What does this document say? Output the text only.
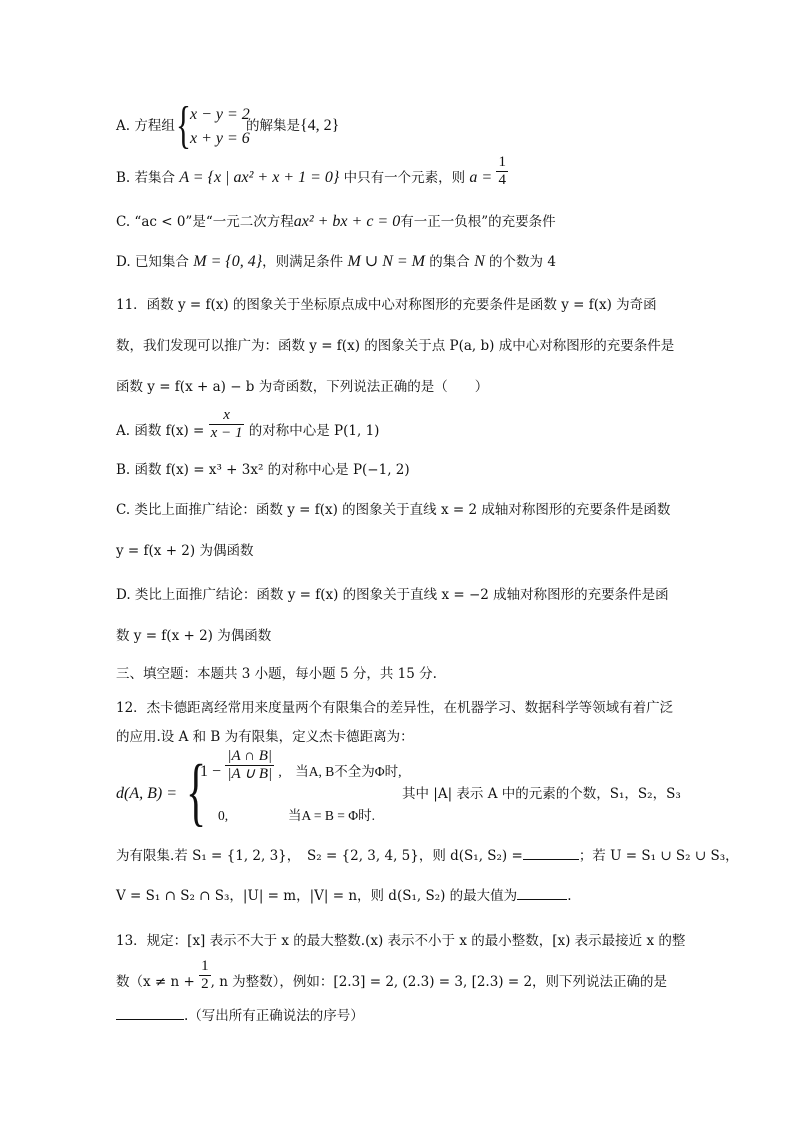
A. 方程组 { x − y = 2
x + y = 6
的解集是{4, 2}
B. 若集合 A = {x | ax² + x + 1 = 0} 中只有一个元素，则 $a = \frac{1}{4}$
C. “ac < 0”是“一元二次方程ax² + bx + c = 0有一正一负根”的充要条件
D. 已知集合 M = {0, 4}，则满足条件 M ∪ N = M 的集合 N 的个数为 4
11．函数 y = f(x) 的图象关于坐标原点成中心对称图形的充要条件是函数 y = f(x) 为奇函
数，我们发现可以推广为：函数 y = f(x) 的图象关于点 P(a, b) 成中心对称图形的充要条件是
函数 y = f(x + a) − b 为奇函数，下列说法正确的是（　　）
A. 函数 $f(x) = \frac{x}{x - 1}$ 的对称中心是 P(1, 1)
B. 函数 f(x) = x³ + 3x² 的对称中心是 P(−1, 2)
C. 类比上面推广结论：函数 y = f(x) 的图象关于直线 x = 2 成轴对称图形的充要条件是函数
y = f(x + 2) 为偶函数
D. 类比上面推广结论：函数 y = f(x) 的图象关于直线 x = −2 成轴对称图形的充要条件是函
数 y = f(x + 2) 为偶函数
三、填空题：本题共 3 小题，每小题 5 分，共 15 分.
12．杰卡德距离经常用来度量两个有限集合的差异性，在机器学习、数据科学等领域有着广泛
的应用.设 A 和 B 为有限集，定义杰卡德距离为：
d(A, B) = {
$1 - \frac{|A \cap B|}{|A \cup B|}$ ,　当A, B不全为Φ时,
0,	当A = B = Φ时.
其中 |A| 表示 A 中的元素的个数，S₁，S₂，S₃
为有限集.若 S₁ = {1, 2, 3}，　S₂ = {2, 3, 4, 5}，则 d(S₁, S₂) =	；若 U = S₁ ∪ S₂ ∪ S₃，
V = S₁ ∩ S₂ ∩ S₃，|U| = m，|V| = n，则 d(S₁, S₂) 的最大值为	.
13．规定：[x] 表示不大于 x 的最大整数.(x) 表示不小于 x 的最小整数，[x) 表示最接近 x 的整
数（$x \ne n + \frac{1}{2}$ , n 为整数），例如：[2.3] = 2, (2.3) = 3, [2.3) = 2，则下列说法正确的是
.（写出所有正确说法的序号）
